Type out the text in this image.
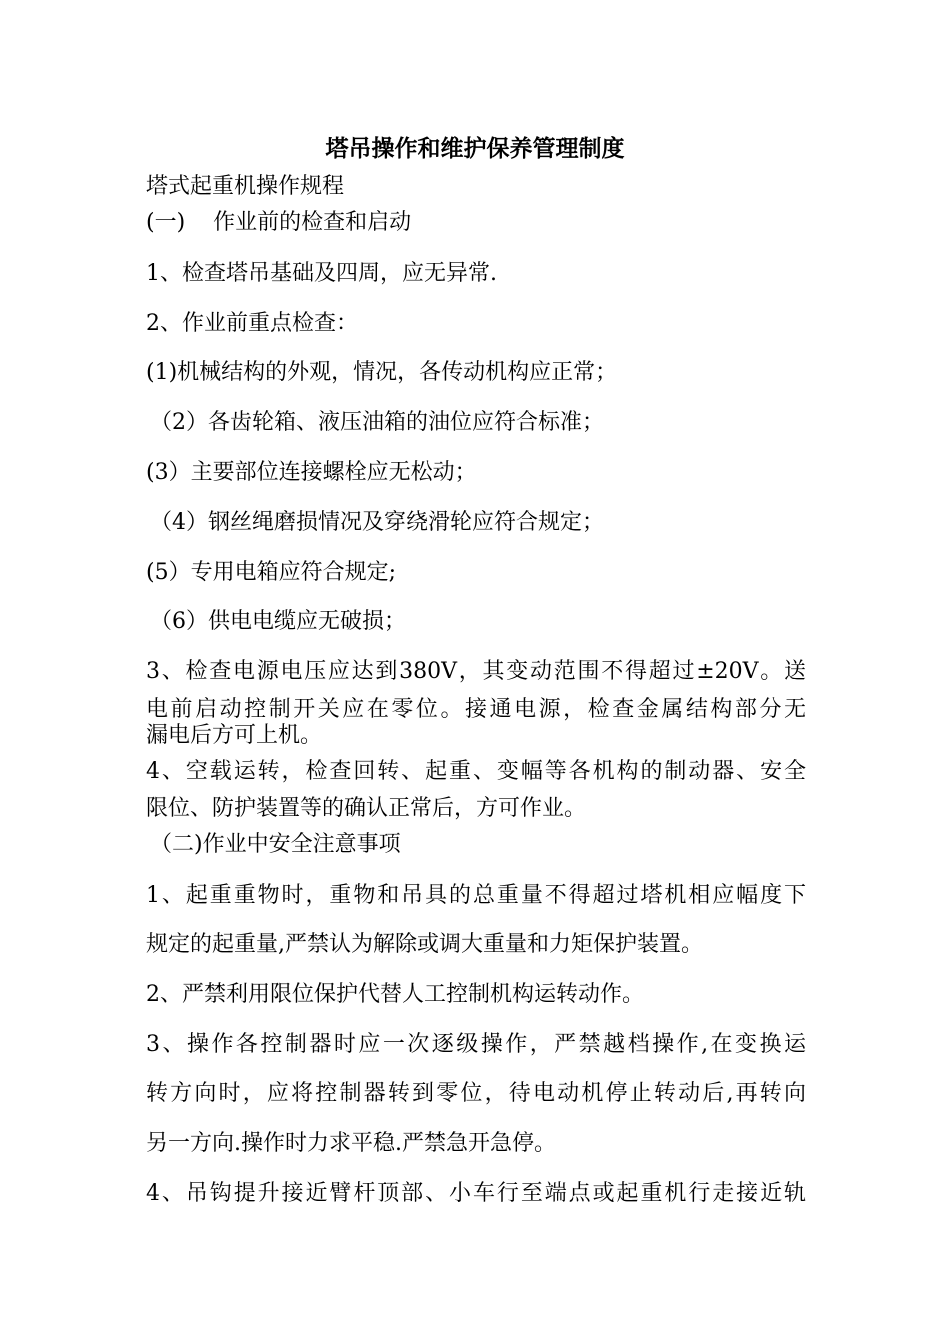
塔吊操作和维护保养管理制度
塔式起重机操作规程
(一) 作业前的检查和启动
1、检查塔吊基础及四周，应无异常.
2、作业前重点检查：
(1)机械结构的外观，情况，各传动机构应正常；
（2）各齿轮箱、液压油箱的油位应符合标准；
(3）主要部位连接螺栓应无松动；
（4）钢丝绳磨损情况及穿绕滑轮应符合规定；
(5）专用电箱应符合规定;
（6）供电电缆应无破损；
3、检查电源电压应达到380V，其变动范围不得超过±20V。送
电前启动控制开关应在零位。接通电源，检查金属结构部分无
漏电后方可上机。
4、空载运转，检查回转、起重、变幅等各机构的制动器、安全
限位、防护装置等的确认正常后，方可作业。
（二)作业中安全注意事项
1、起重重物时，重物和吊具的总重量不得超过塔机相应幅度下
规定的起重量,严禁认为解除或调大重量和力矩保护装置。
2、严禁利用限位保护代替人工控制机构运转动作。
3、操作各控制器时应一次逐级操作，严禁越档操作,在变换运
转方向时，应将控制器转到零位，待电动机停止转动后,再转向
另一方向.操作时力求平稳.严禁急开急停。
4、吊钩提升接近臂杆顶部、小车行至端点或起重机行走接近轨
